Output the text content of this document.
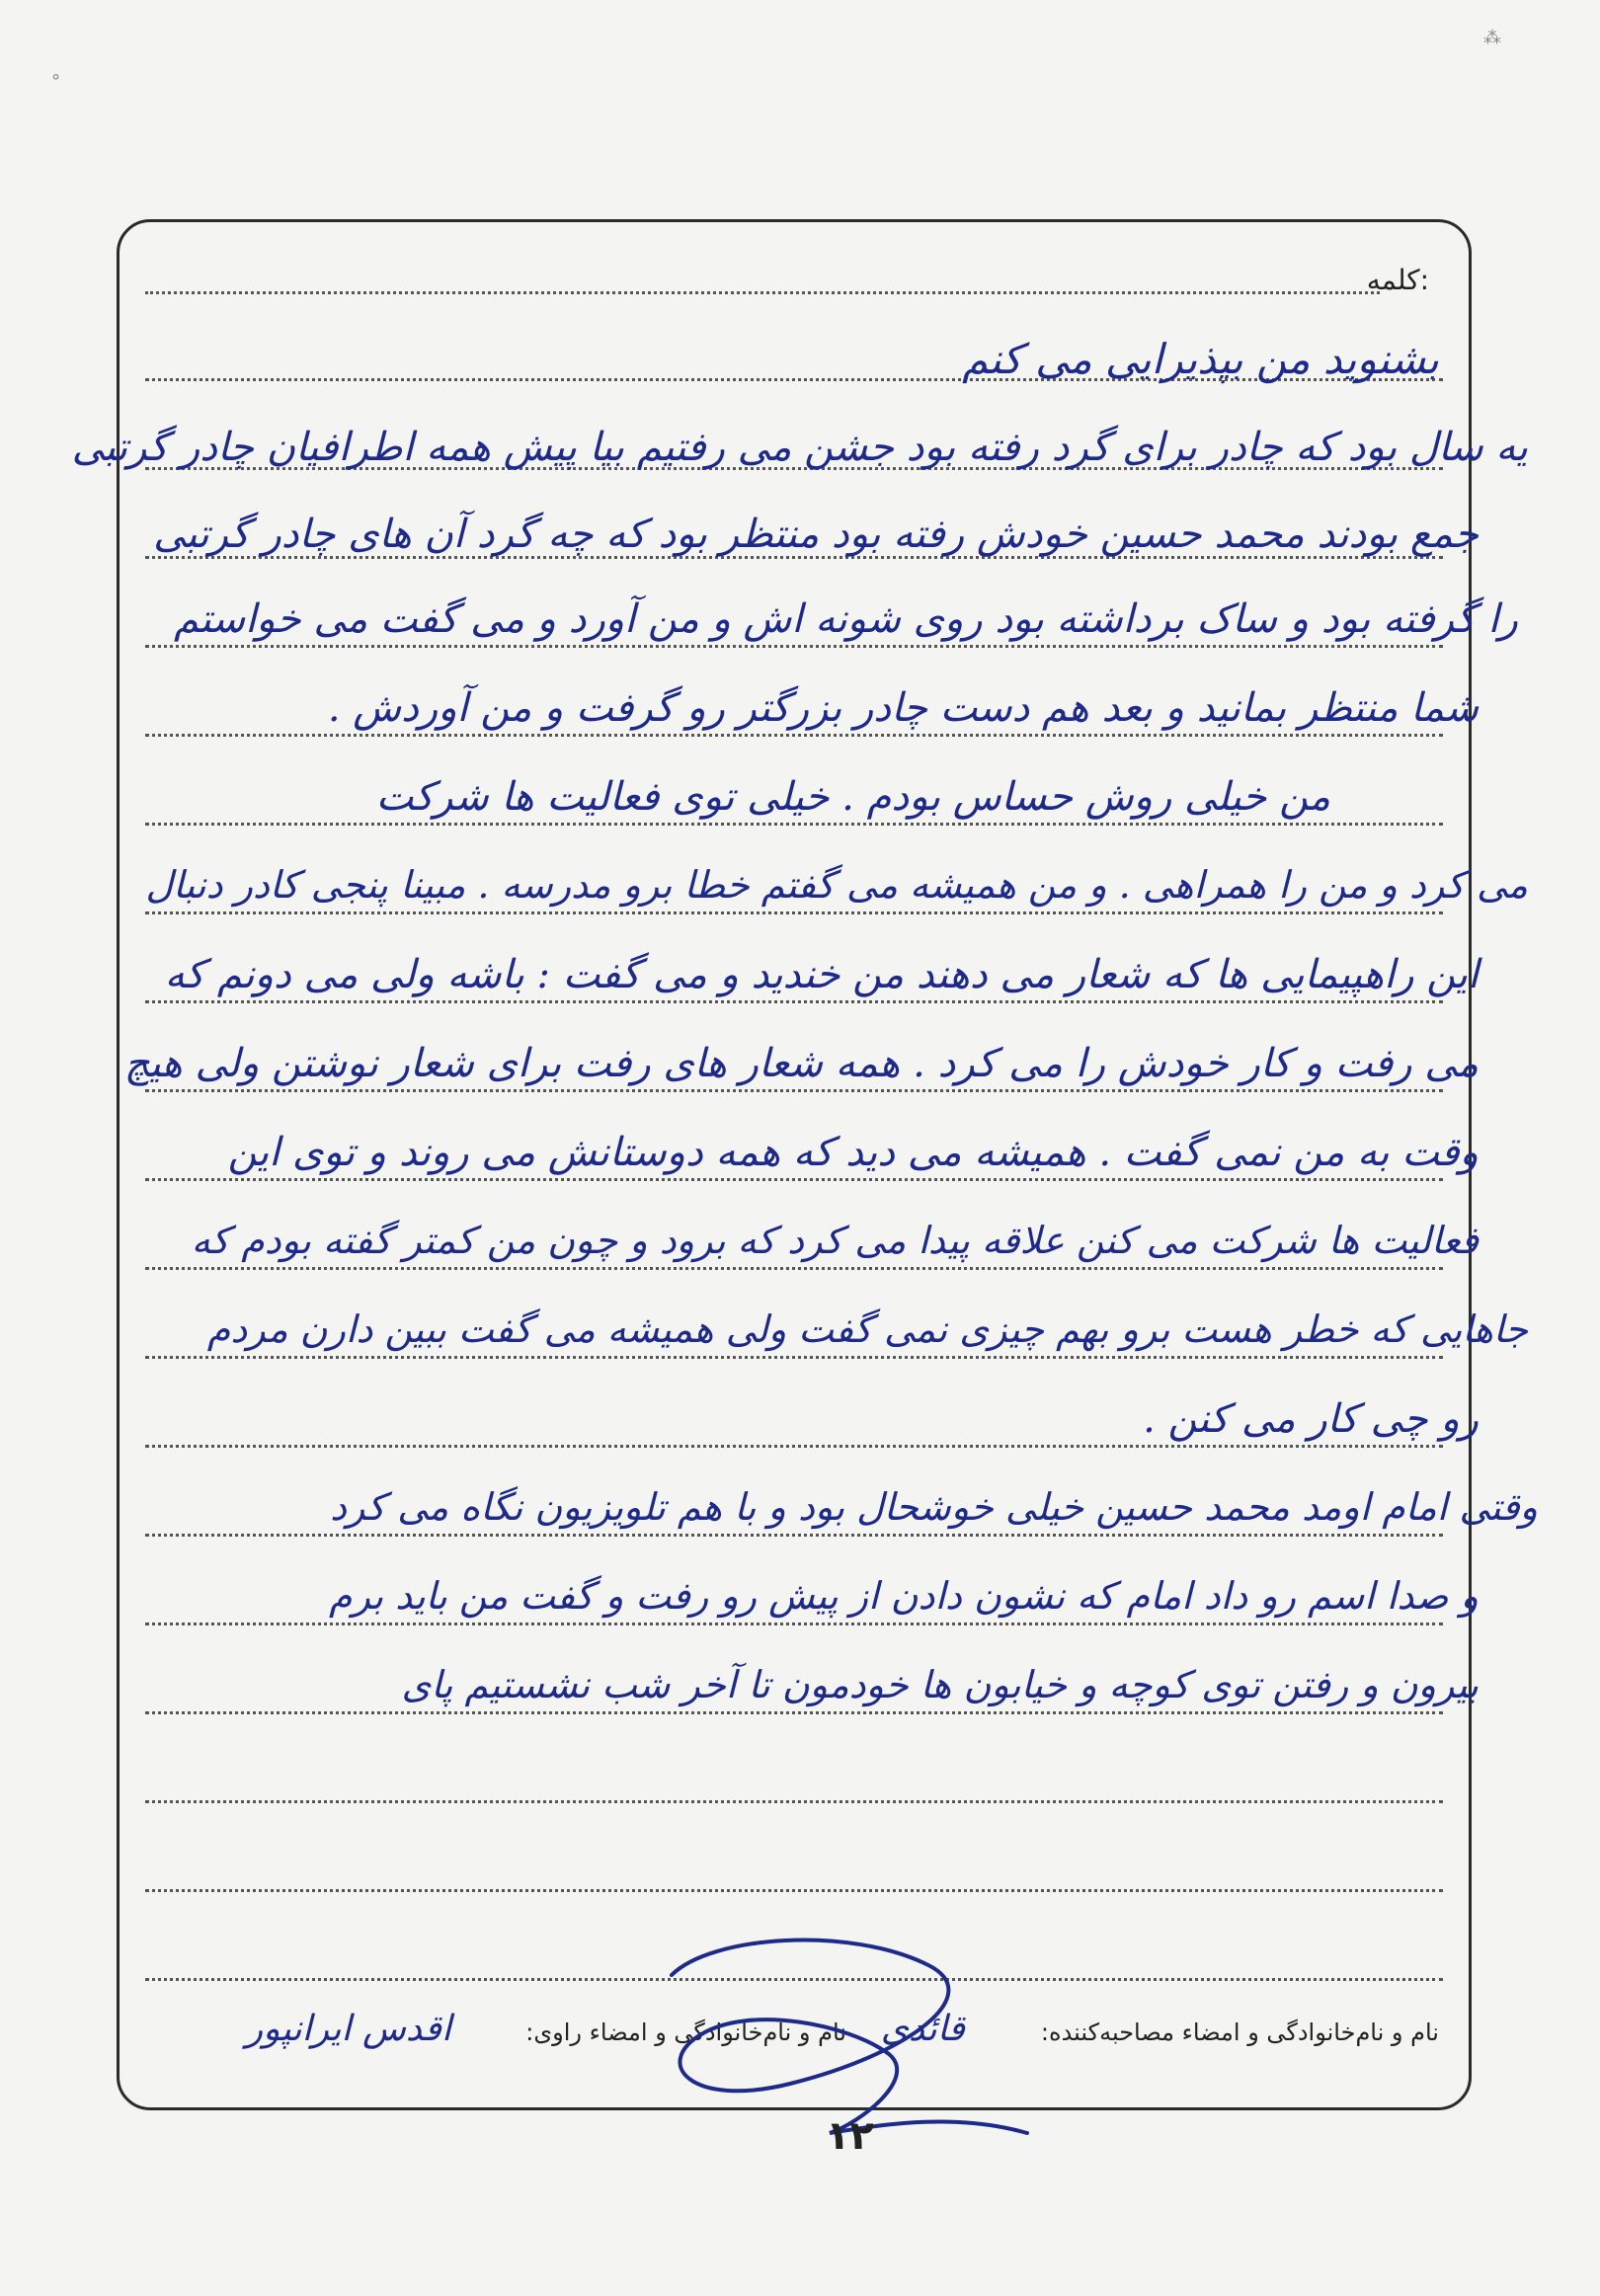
°
⁂
کلمه:
بشنوید من بپذیرایی می کنم
یه سال بود که چادر برای گرد رفته بود جشن می رفتیم بیا پیش همه اطرافیان چادر گرتبی
جمع بودند محمد حسین خودش رفته بود منتظر بود که چه گرد آن های چادر گرتبی
را گرفته بود و ساک برداشته بود روی شونه اش و من آورد و می گفت می خواستم
شما منتظر بمانید و بعد هم دست چادر بزرگتر رو گرفت و من آوردش .
من خیلی روش حساس بودم . خیلی توی فعالیت ها شرکت
می کرد و من را همراهی . و من همیشه می گفتم خطا برو مدرسه . مبینا پنجی کادر دنبال
این راهپیمایی ها که شعار می دهند من خندید و می گفت : باشه ولی می دونم که
می رفت و کار خودش را می کرد . همه شعار های رفت برای شعار نوشتن ولی هیچ
وقت به من نمی گفت . همیشه می دید که همه دوستانش می روند و توی این
فعالیت ها شرکت می کنن علاقه پیدا می کرد که برود و چون من کمتر گفته بودم که
جاهایی که خطر هست برو بهم چیزی نمی گفت ولی همیشه می گفت ببین دارن مردم
رو چی کار می کنن .
وقتی امام اومد محمد حسین خیلی خوشحال بود و با هم تلویزیون نگاه می کرد
و صدا اسم رو داد امام که نشون دادن از پیش رو رفت و گفت من باید برم
بیرون و رفتن توی کوچه و خیابون ها خودمون تا آخر شب نشستیم پای
نام و نام‌خانوادگی و امضاء مصاحبه‌کننده:
قائدی
نام و نام‌خانوادگی و امضاء راوی:
اقدس ایرانپور
۱۲
